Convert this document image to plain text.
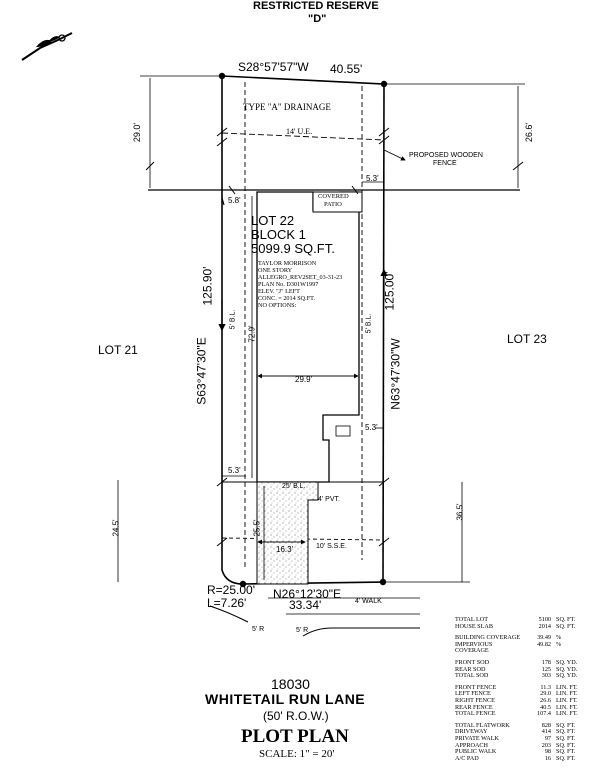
RESTRICTED RESERVE
"D"
S28°57'57"W 40.55'
TYPE "A" DRAINAGE
14' U.E.
PROPOSED WOODEN
FENCE
29.0'	26.6'
5.3'
5.8'	COVERED
PATIO
LOT 22
BLOCK 1
5099.9 SQ.FT.
TAYLOR MORRISON
ONE STORY
ALLEGRO_REV2SET_03-31-23
PLAN No. D301W1997
ELEV. "J" LEFT
CONC. = 2014 SQ.FT.
NO OPTIONS:
LOT 21
LOT 23
S63°47'30"E
125.90'
N63°47'30"W
125.00'
5' B.L.	5' B.L.
72.9'
29.9'
5.3'
5.3'
25' B.L.
4' PVT.
10' S.S.E.
36.5'
24.5'	25.5'
16.3'
R=25.00'
L=7.26'
N26°12'30"E
33.34'	4' WALK
5' R	5' R
18030
WHITETAIL RUN LANE
(50' R.O.W.)
PLOT PLAN
SCALE: 1" = 20'
TOTAL LOT	5100 SQ. FT.
HOUSE SLAB	2014 SQ. FT.
BUILDING COVERAGE	39.49 %
IMPERVIOUS COVERAGE
49.82 %
FRONT SOD	178 SQ. YD.
REAR SOD	125 SQ. YD.
TOTAL SOD	303 SQ. YD.
FRONT FENCE	11.3 LIN. FT.
LEFT FENCE	29.0 LIN. FT.
RIGHT FENCE	26.6 LIN. FT.
REAR FENCE	40.5 LIN. FT.
TOTAL FENCE	107.4 LIN. FT.
TOTAL FLATWORK	828 SQ. FT.
DRIVEWAY	414 SQ. FT.
PRIVATE WALK	97 SQ. FT.
APPROACH	203 SQ. FT.
PUBLIC WALK	98 SQ. FT.
A/C PAD	16 SQ. FT.
